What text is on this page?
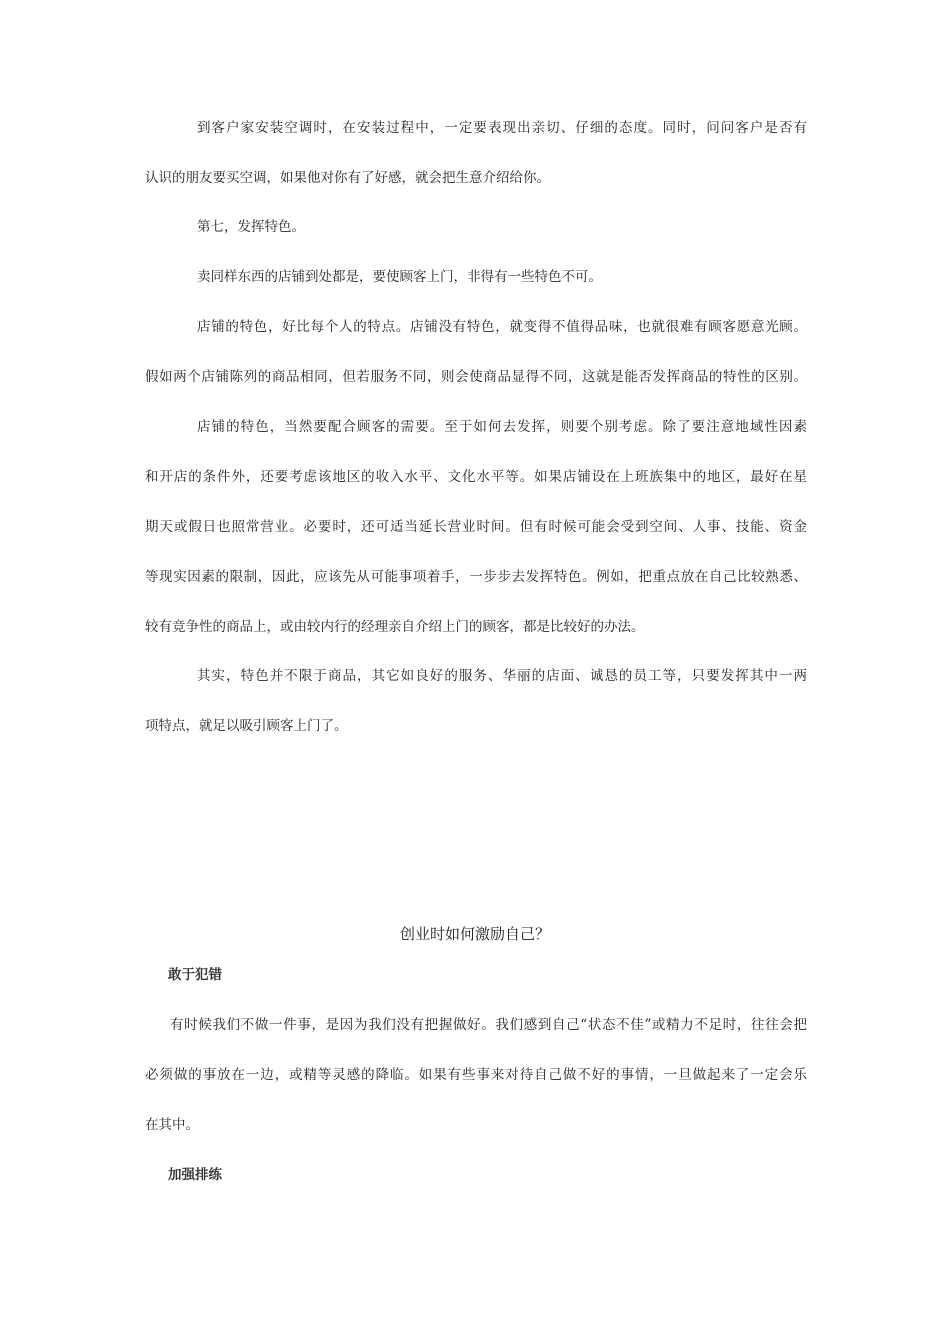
到客户家安装空调时，在安装过程中，一定要表现出亲切、仔细的态度。同时，问问客户是否有
认识的朋友要买空调，如果他对你有了好感，就会把生意介绍给你。
第七，发挥特色。
卖同样东西的店铺到处都是，要使顾客上门，非得有一些特色不可。
店铺的特色，好比每个人的特点。店铺没有特色，就变得不值得品味，也就很难有顾客愿意光顾。
假如两个店铺陈列的商品相同，但若服务不同，则会使商品显得不同，这就是能否发挥商品的特性的区别。
店铺的特色，当然要配合顾客的需要。至于如何去发挥，则要个别考虑。除了要注意地域性因素
和开店的条件外，还要考虑该地区的收入水平、文化水平等。如果店铺设在上班族集中的地区，最好在星
期天或假日也照常营业。必要时，还可适当延长营业时间。但有时候可能会受到空间、人事、技能、资金
等现实因素的限制，因此，应该先从可能事项着手，一步步去发挥特色。例如，把重点放在自己比较熟悉、
较有竞争性的商品上，或由较内行的经理亲自介绍上门的顾客，都是比较好的办法。
其实，特色并不限于商品，其它如良好的服务、华丽的店面、诚恳的员工等，只要发挥其中一两
项特点，就足以吸引顾客上门了。
创业时如何激励自己？
敢于犯错
有时候我们不做一件事，是因为我们没有把握做好。我们感到自己“状态不佳”或精力不足时，往往会把
必须做的事放在一边，或精等灵感的降临。如果有些事来对待自己做不好的事情，一旦做起来了一定会乐
在其中。
加强排练
